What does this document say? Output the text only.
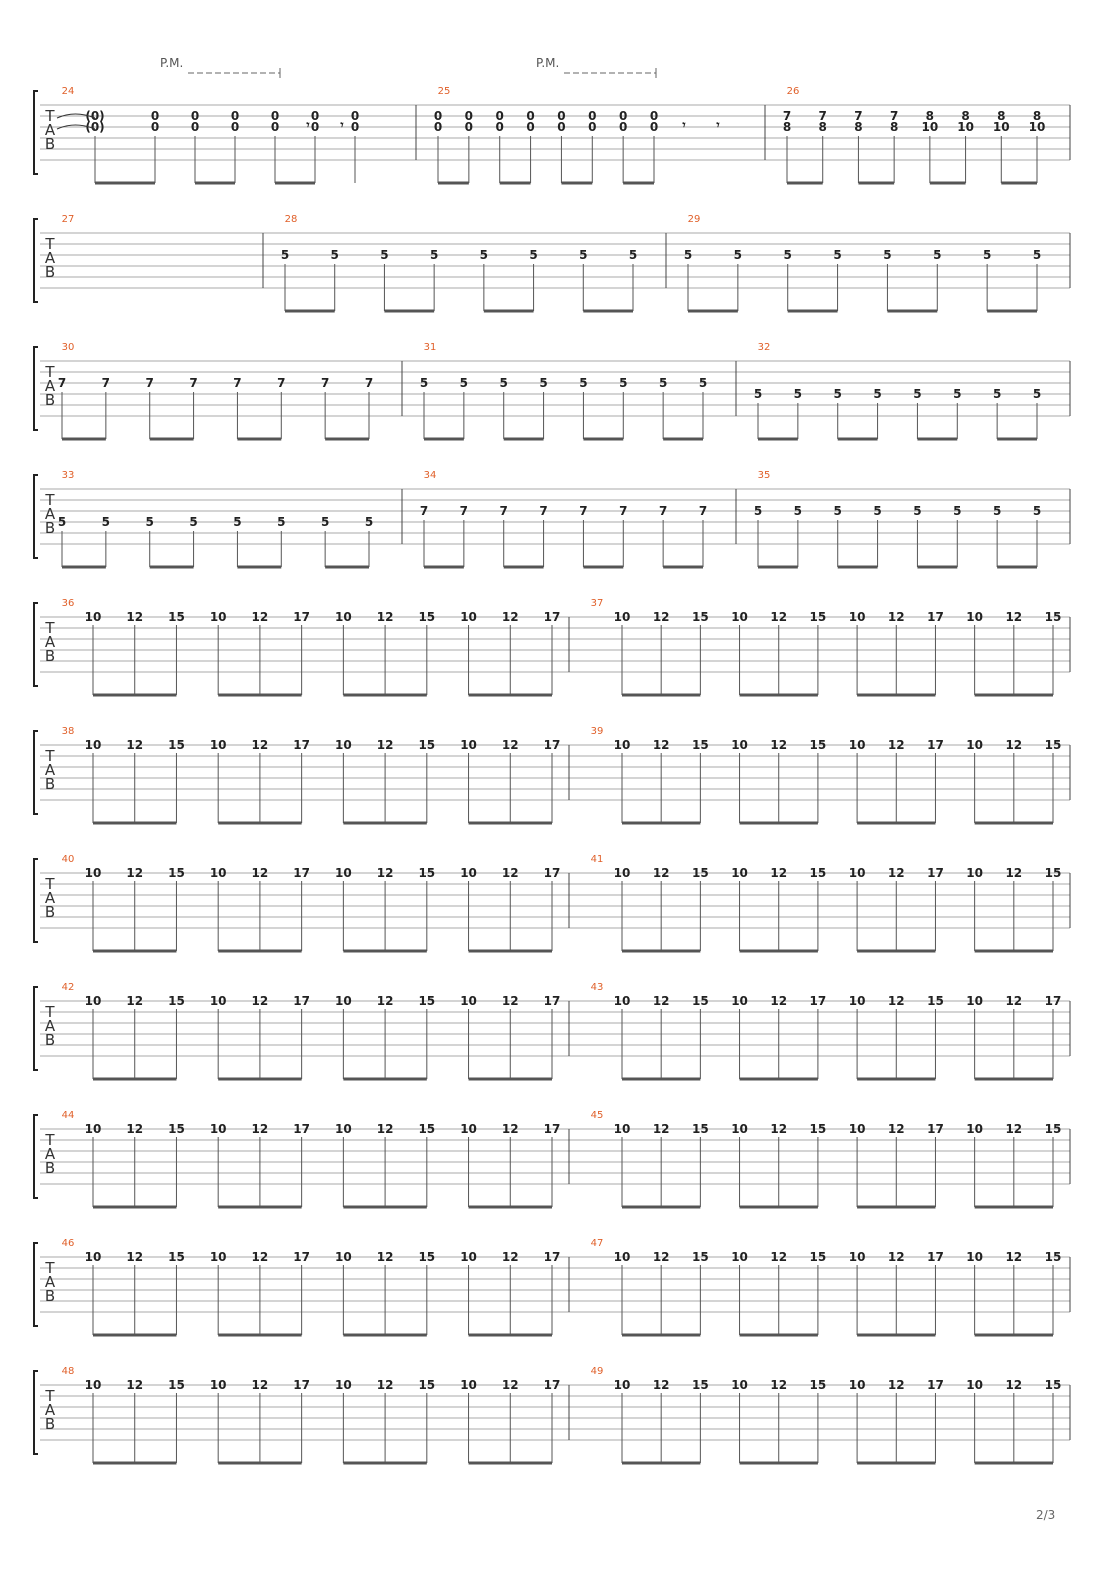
T
A
B
24
P.M.
𝄾	𝄾
(0)
(0)
0
0
0
0
0
0
0
0
0
0
0
0
25
P.M.
𝄾	𝄾
0
0
0
0
0
0
0
0
0
0
0
0
0
0
0
0
26
7
8
7
8
7
8
7
8
8
10
8
10
8
10
8
10
T
A
B
27	28
5	5	5	5	5	5	5	5
29
5	5	5	5	5	5	5	5
T
A
B
30
7	7	7	7	7	7	7	7
31
5	5	5	5	5	5	5	5
32
5	5	5	5	5	5	5	5
T
A
B
33
5	5	5	5	5	5	5	5
34
7	7	7	7	7	7	7	7
35
5	5	5	5	5	5	5	5
T
A
B
36
10 12 15 10 12 17 10 12 15 10 12 17
37
10 12 15 10 12 15 10 12 17 10 12 15
T
A
B
38
10 12 15 10 12 17 10 12 15 10 12 17
39
10 12 15 10 12 15 10 12 17 10 12 15
T
A
B
40
10 12 15 10 12 17 10 12 15 10 12 17
41
10 12 15 10 12 15 10 12 17 10 12 15
T
A
B
42
10 12 15 10 12 17 10 12 15 10 12 17
43
10 12 15 10 12 17 10 12 15 10 12 17
T
A
B
44
10 12 15 10 12 17 10 12 15 10 12 17
45
10 12 15 10 12 15 10 12 17 10 12 15
T
A
B
46
10 12 15 10 12 17 10 12 15 10 12 17
47
10 12 15 10 12 15 10 12 17 10 12 15
T
A
B
48
10 12 15 10 12 17 10 12 15 10 12 17
49
10 12 15 10 12 15 10 12 17 10 12 15
2/3
